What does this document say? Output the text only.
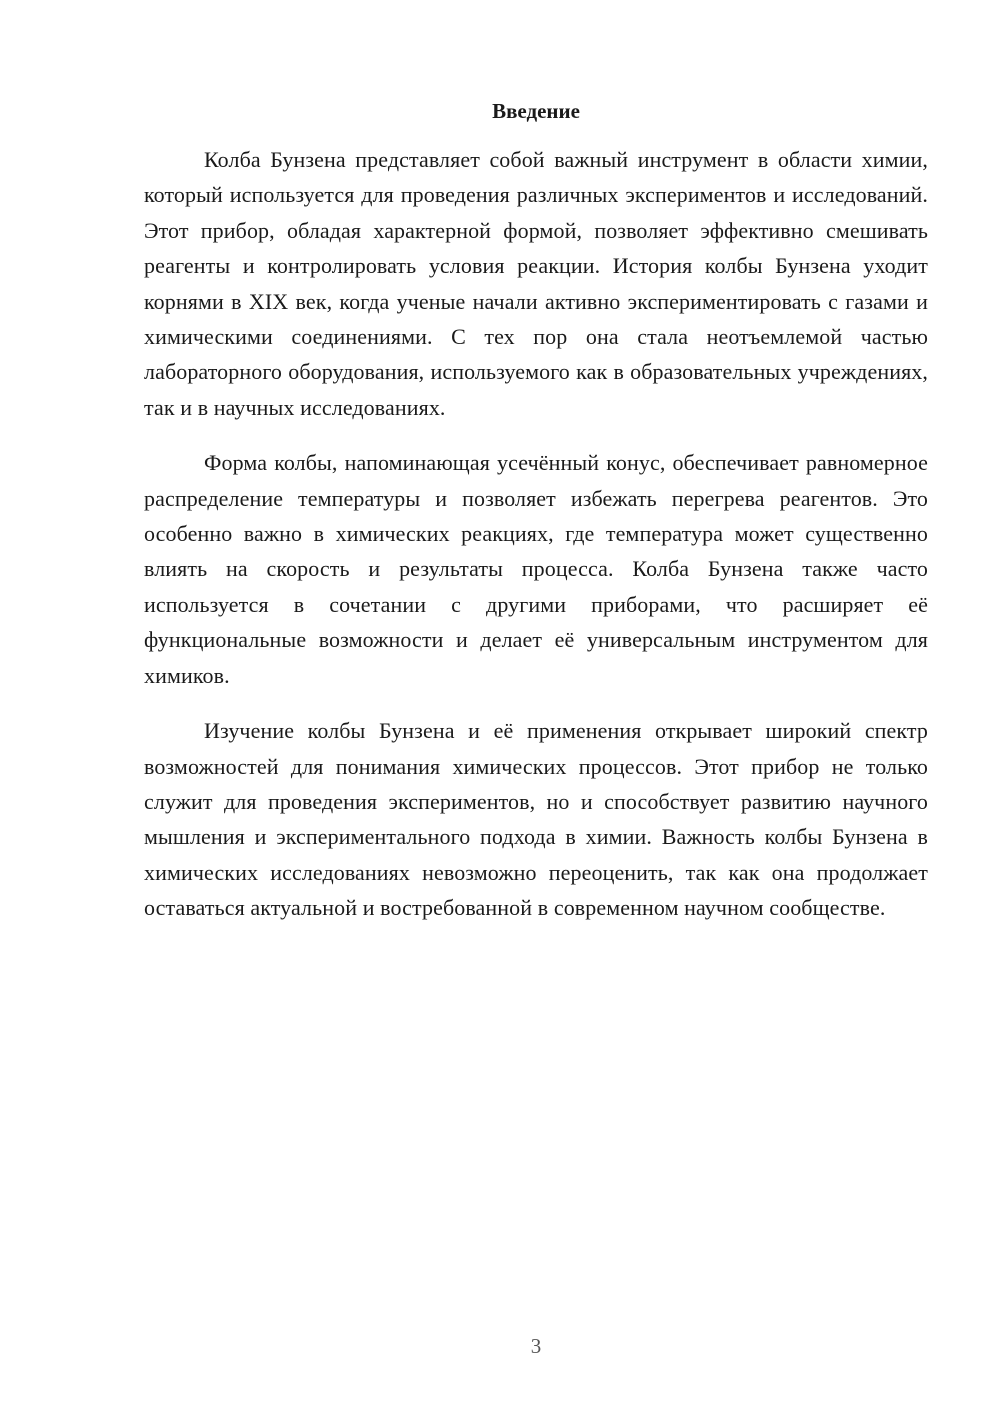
Введение

Колба Бунзена представляет собой важный инструмент в области химии, который используется для проведения различных экспериментов и исследований. Этот прибор, обладая характерной формой, позволяет эффективно смешивать реагенты и контролировать условия реакции. История колбы Бунзена уходит корнями в XIX век, когда ученые начали активно экспериментировать с газами и химическими соединениями. С тех пор она стала неотъемлемой частью лабораторного оборудования, используемого как в образовательных учреждениях, так и в научных исследованиях.

Форма колбы, напоминающая усечённый конус, обеспечивает равномерное распределение температуры и позволяет избежать перегрева реагентов. Это особенно важно в химических реакциях, где температура может существенно влиять на скорость и результаты процесса. Колба Бунзена также часто используется в сочетании с другими приборами, что расширяет её функциональные возможности и делает её универсальным инструментом для химиков.

Изучение колбы Бунзена и её применения открывает широкий спектр возможностей для понимания химических процессов. Этот прибор не только служит для проведения экспериментов, но и способствует развитию научного мышления и экспериментального подхода в химии. Важность колбы Бунзена в химических исследованиях невозможно переоценить, так как она продолжает оставаться актуальной и востребованной в современном научном сообществе.

3
